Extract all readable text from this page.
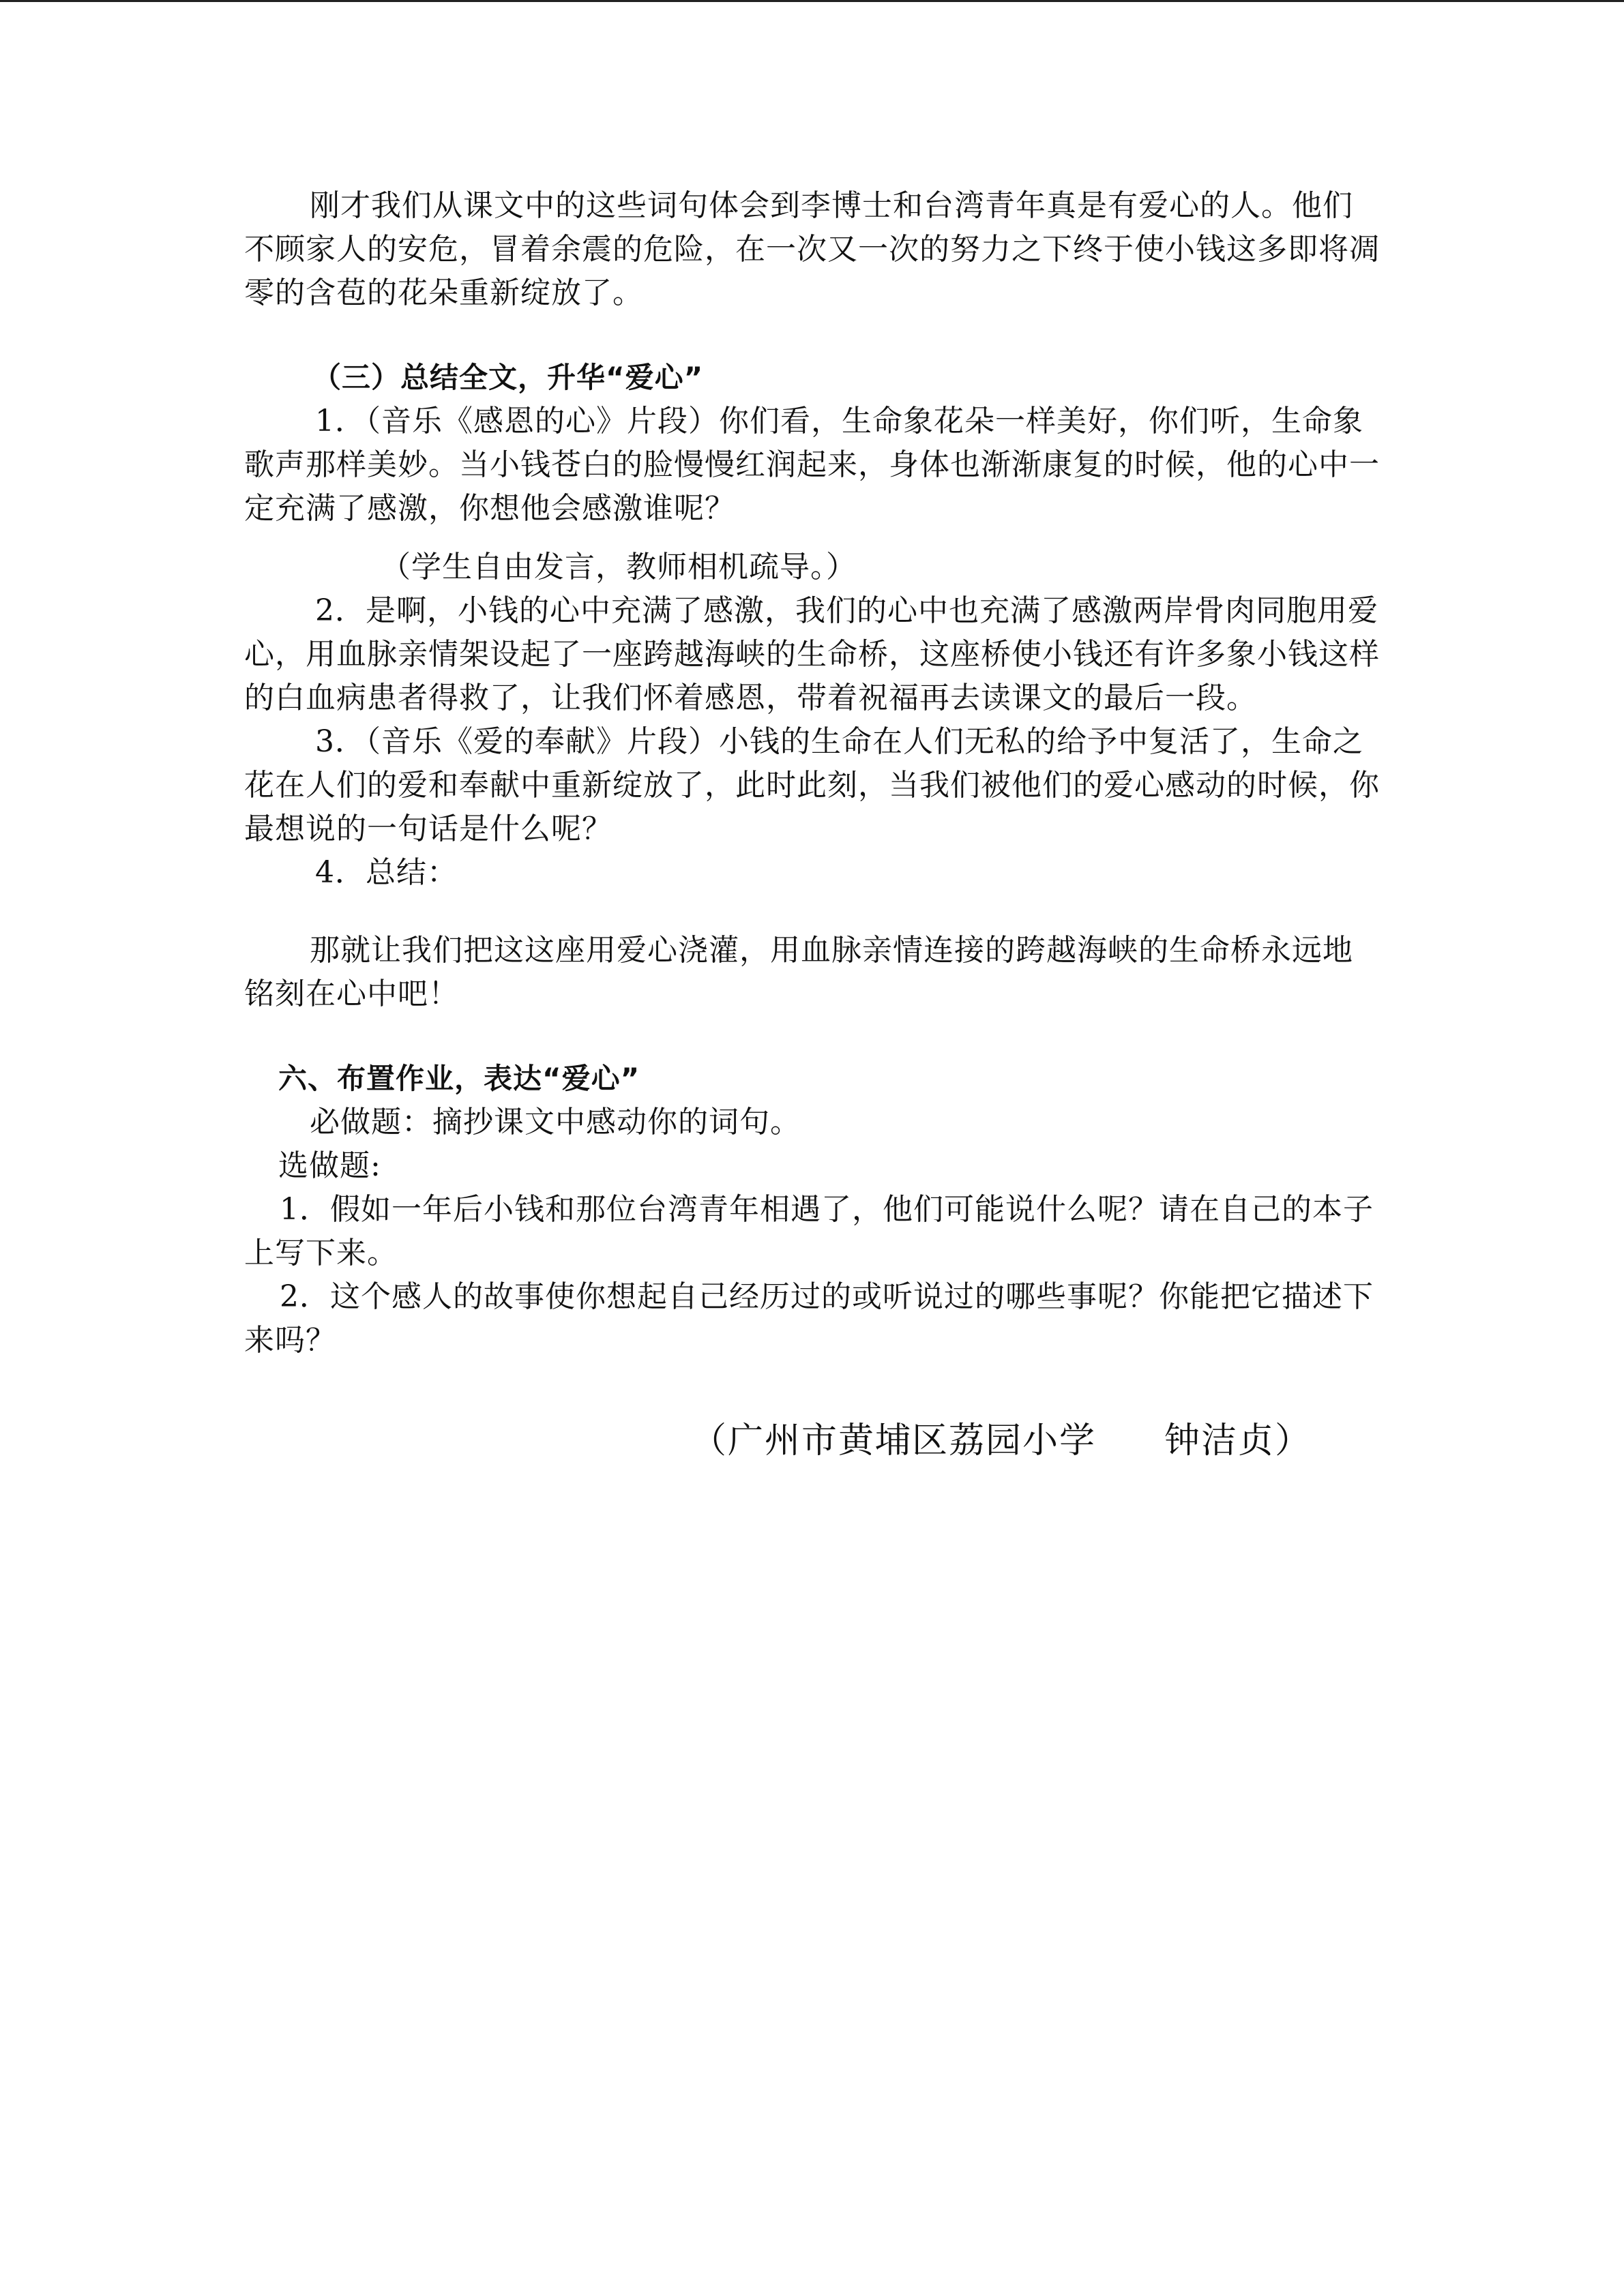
刚才我们从课文中的这些词句体会到李博士和台湾青年真是有爱心的人。他们不顾家人的安危，冒着余震的危险，在一次又一次的努力之下终于使小钱这多即将凋零的含苞的花朵重新绽放了。

（三）总结全文，升华“爱心”

1．（音乐《感恩的心》片段）你们看，生命象花朵一样美好，你们听，生命象歌声那样美妙。当小钱苍白的脸慢慢红润起来，身体也渐渐康复的时候，他的心中一定充满了感激，你想他会感激谁呢？

（学生自由发言，教师相机疏导。）

2．是啊，小钱的心中充满了感激，我们的心中也充满了感激两岸骨肉同胞用爱心，用血脉亲情架设起了一座跨越海峡的生命桥，这座桥使小钱还有许多象小钱这样的白血病患者得救了，让我们怀着感恩，带着祝福再去读课文的最后一段。

3．（音乐《爱的奉献》片段）小钱的生命在人们无私的给予中复活了，生命之花在人们的爱和奉献中重新绽放了，此时此刻，当我们被他们的爱心感动的时候，你最想说的一句话是什么呢？

4．总结：

那就让我们把这这座用爱心浇灌，用血脉亲情连接的跨越海峡的生命桥永远地铭刻在心中吧！

六、布置作业，表达“爱心”

必做题：摘抄课文中感动你的词句。

选做题:

1．假如一年后小钱和那位台湾青年相遇了，他们可能说什么呢？请在自己的本子上写下来。

2．这个感人的故事使你想起自己经历过的或听说过的哪些事呢？你能把它描述下来吗？

（广州市黄埔区荔园小学 钟洁贞）
